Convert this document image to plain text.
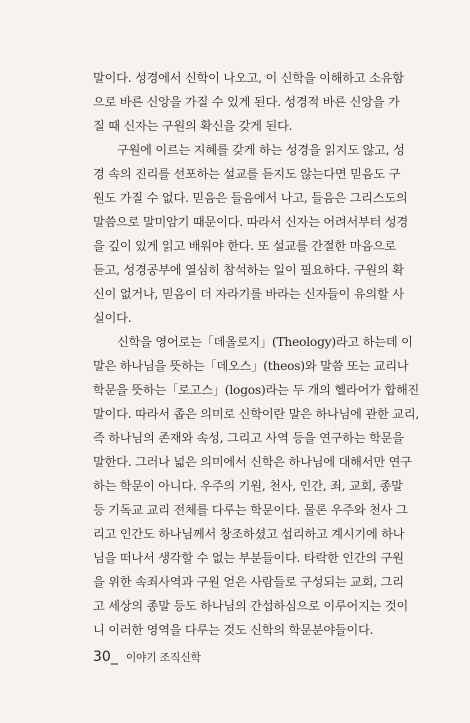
말이다. 성경에서 신학이 나오고, 이 신학을 이해하고 소유함
으로 바른 신앙을 가질 수 있게 된다. 성경적 바른 신앙을 가
질 때 신자는 구원의 확신을 갖게 된다.

구원에 이르는 지혜를 갖게 하는 성경을 읽지도 않고, 성
경 속의 진리를 선포하는 설교를 듣지도 않는다면 믿음도 구
원도 가질 수 없다. 믿음은 들음에서 나고, 들음은 그리스도의
말씀으로 말미암기 때문이다. 따라서 신자는 어려서부터 성경
을 깊이 있게 읽고 배워야 한다. 또 설교를 간절한 마음으로
듣고, 성경공부에 열심히 참석하는 일이 필요하다. 구원의 확
신이 없거나, 믿음이 더 자라기를 바라는 신자들이 유의할 사
실이다.

신학을 영어로는「데올로지」(Theology)라고 하는데 이
말은 하나님을 뜻하는「데오스」(theos)와 말씀 또는 교리나
학문을 뜻하는「로고스」(logos)라는 두 개의 헬라어가 합해진
말이다. 따라서 좁은 의미로 신학이란 말은 하나님에 관한 교리,
즉 하나님의 존재와 속성, 그리고 사역 등을 연구하는 학문을
말한다. 그러나 넓은 의미에서 신학은 하나님에 대해서만 연구
하는 학문이 아니다. 우주의 기원, 천사, 인간, 죄, 교회, 종말
등 기독교 교리 전체를 다루는 학문이다. 물론 우주와 천사 그
리고 인간도 하나님께서 창조하셨고 섭리하고 계시기에 하나
님을 떠나서 생각할 수 없는 부분들이다. 타락한 인간의 구원
을 위한 속죄사역과 구원 얻은 사람들로 구성되는 교회, 그리
고 세상의 종말 등도 하나님의 간섭하심으로 이루어지는 것이
니 이러한 영역을 다루는 것도 신학의 학문분야들이다.

30_ 이야기 조직신학
